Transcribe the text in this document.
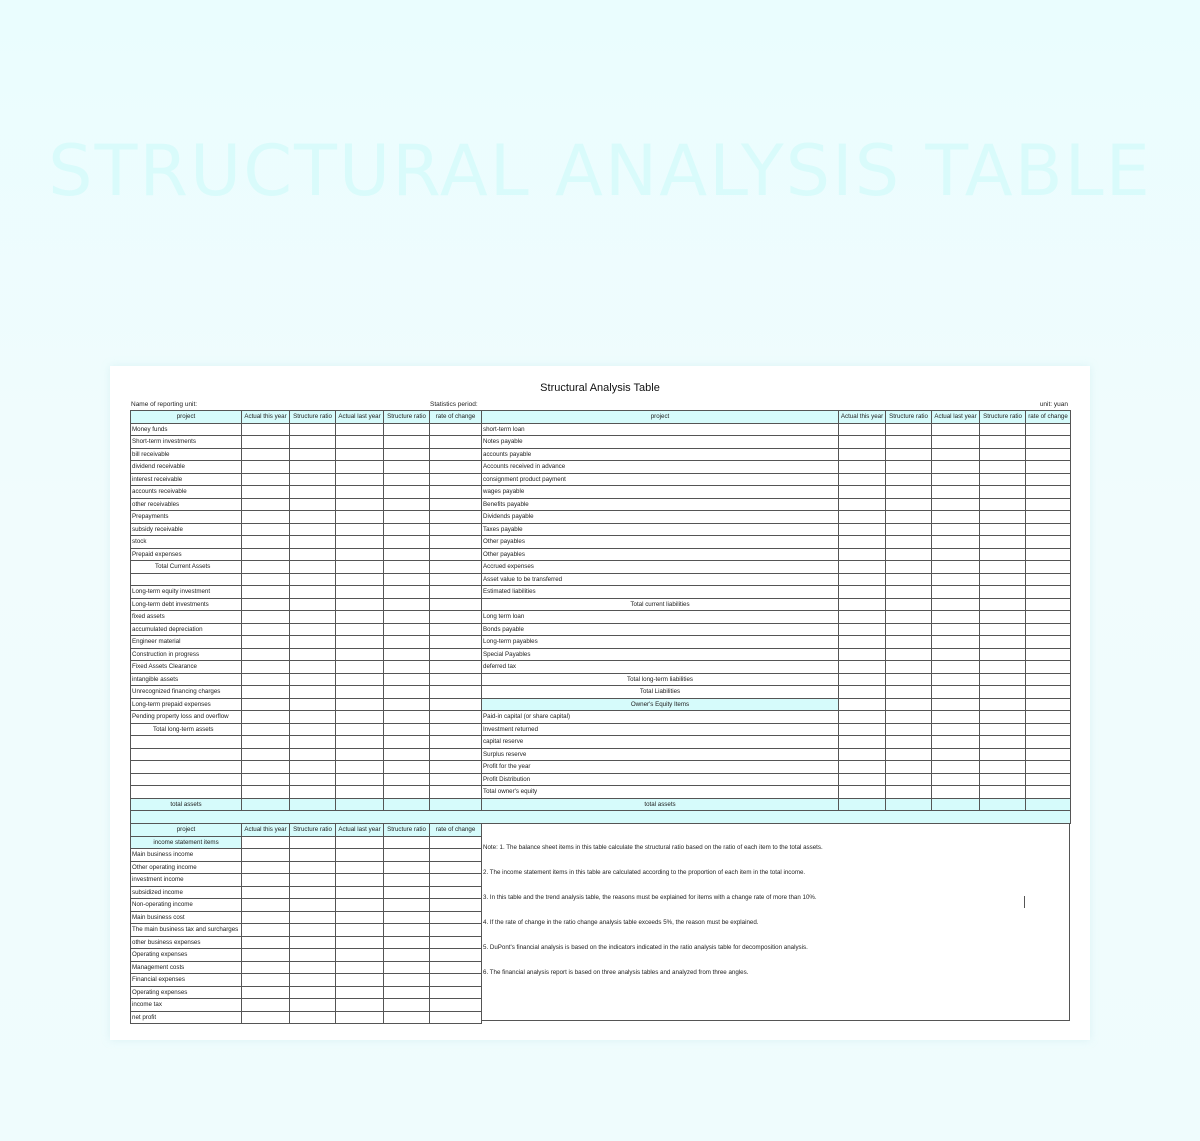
STRUCTURAL ANALYSIS TABLE
Structural Analysis Table
Name of reporting unit:	Statistics period:	unit: yuan
project	Actual this year	Structure ratio	Actual last year	Structure ratio	rate of change	project	Actual this year	Structure ratio	Actual last year	Structure ratio	rate of change
Money funds						short-term loan					
Short-term investments						Notes payable					
bill receivable						accounts payable					
dividend receivable						Accounts received in advance					
interest receivable						consignment product payment					
accounts receivable						wages payable					
other receivables						Benefits payable					
Prepayments						Dividends payable					
subsidy receivable						Taxes payable					
stock						Other payables					
Prepaid expenses						Other payables					
Total Current Assets						Accrued expenses					
						Asset value to be transferred					
Long-term equity investment						Estimated liabilities					
Long-term debt investments						Total current liabilities					
fixed assets						Long term loan					
accumulated depreciation						Bonds payable					
Engineer material						Long-term payables					
Construction in progress						Special Payables					
Fixed Assets Clearance						deferred tax					
intangible assets						Total long-term liabilities					
Unrecognized financing charges						Total Liabilities					
Long-term prepaid expenses						Owner's Equity Items					
Pending property loss and overflow						Paid-in capital (or share capital)					
Total long-term assets						Investment returned					
						capital reserve					
						Surplus reserve					
						Profit for the year					
						Profit Distribution					
						Total owner's equity					
total assets						total assets					

project	Actual this year	Structure ratio	Actual last year	Structure ratio	rate of change
income statement items					
Main business income					
Other operating income					
investment income					
subsidized income					
Non-operating income					
Main business cost					
The main business tax and surcharges					
other business expenses					
Operating expenses					
Management costs					
Financial expenses					
Operating expenses					
income tax					
net profit					
Note: 1. The balance sheet items in this table calculate the structural ratio based on the ratio of each item to the total assets.
2. The income statement items in this table are calculated according to the proportion of each item in the total income.
3. In this table and the trend analysis table, the reasons must be explained for items with a change rate of more than 10%.
4. If the rate of change in the ratio change analysis table exceeds 5%, the reason must be explained.
5. DuPont's financial analysis is based on the indicators indicated in the ratio analysis table for decomposition analysis.
6. The financial analysis report is based on three analysis tables and analyzed from three angles.
